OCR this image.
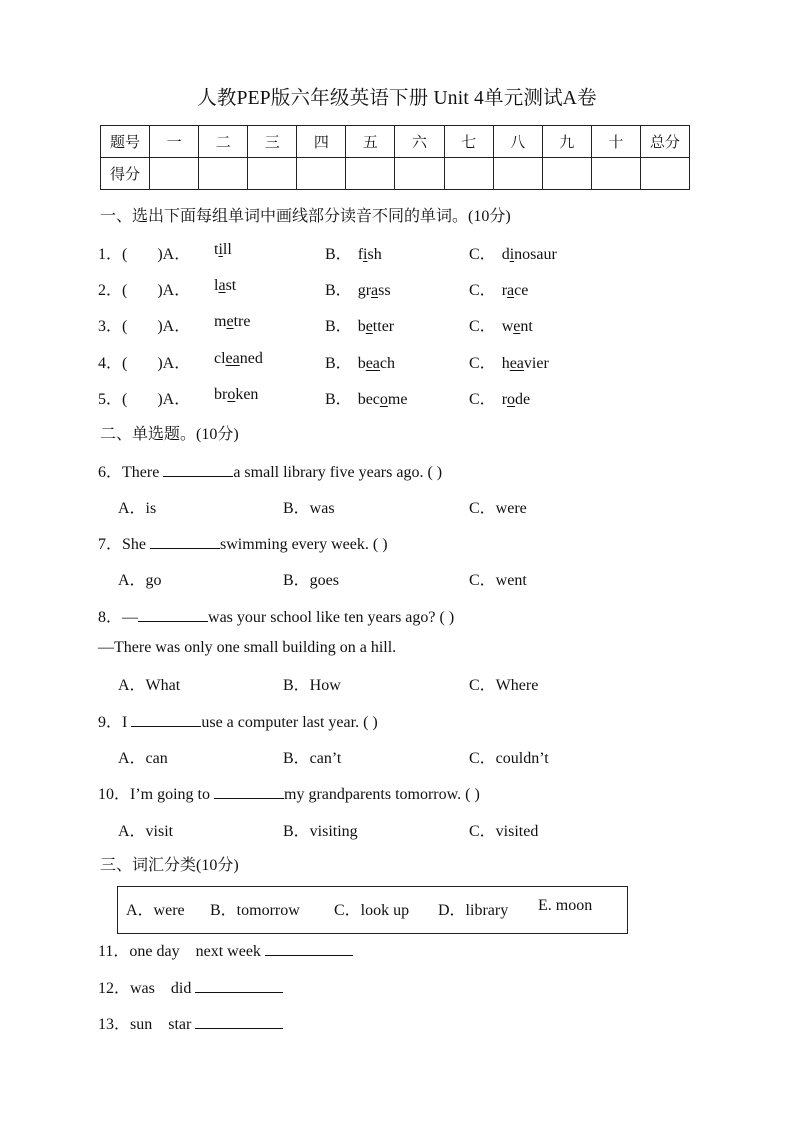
人教PEP版六年级英语下册 Unit 4单元测试A卷
题号	一	二	三	四	五	六	七	八	九	十	总分
得分											
一、选出下面每组单词中画线部分读音不同的单词。(10分)
1．( )A． till	B． fish	C． dinosaur
2．( )A． last	B． grass	C． race
3．( )A． metre	B． better	C． went
4．( )A． cleaned	B． beach	C． heavier
5．( )A． broken	B． become	C． rode
二、单选题。(10分)
6．There	a small library five years ago. ( )
A．is	B．was	C．were
7．She	swimming every week. ( )
A．go	B．goes	C．went
8．—	was your school like ten years ago? ( )
—There was only one small building on a hill.
A．What	B．How	C．Where
9．I	use a computer last year. ( )
A．can	B．can’t	C．couldn’t
10．I’m going to	my grandparents tomorrow. ( )
A．visit	B．visiting	C．visited
三、词汇分类(10分)
A．were B．tomorrow C．look up D．library E. moon
11．one day    next week
12．was    did
13．sun    star
